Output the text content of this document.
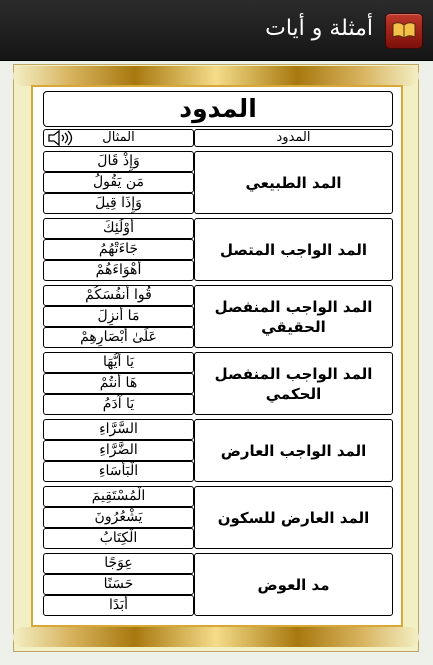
أمثلة و أيات
المدود
المثال	المدود
المد الطبيعي
وَإِذْ قَالَ
مَن يَقُولُ
وَإِذَا قِيلَ
المد الواجب المتصل
أُوْلَٰئِكَ
جَاءَتْهُمُ
أَهْوَاءَهُمْ
المد الواجب المنفصل الحقيقي
قُوا أَنفُسَكُمْ
مَا أُنزِلَ
عَلَىٰ أَبْصَارِهِمْ
المد الواجب المنفصل الحكمي
يَا أَيُّهَا
هَا أَنتُمْ
يَا آدَمُ
المد الواجب العارض
السَّرَّاءِ
الضَّرَّاءِ
الْبَأْسَاءِ
المد العارض للسكون
الْمُسْتَقِيمَ
يَشْعُرُونَ
الْكِتَابُ
مد العوض
عِوَجًا
حَسَنًا
أَبَدًا
